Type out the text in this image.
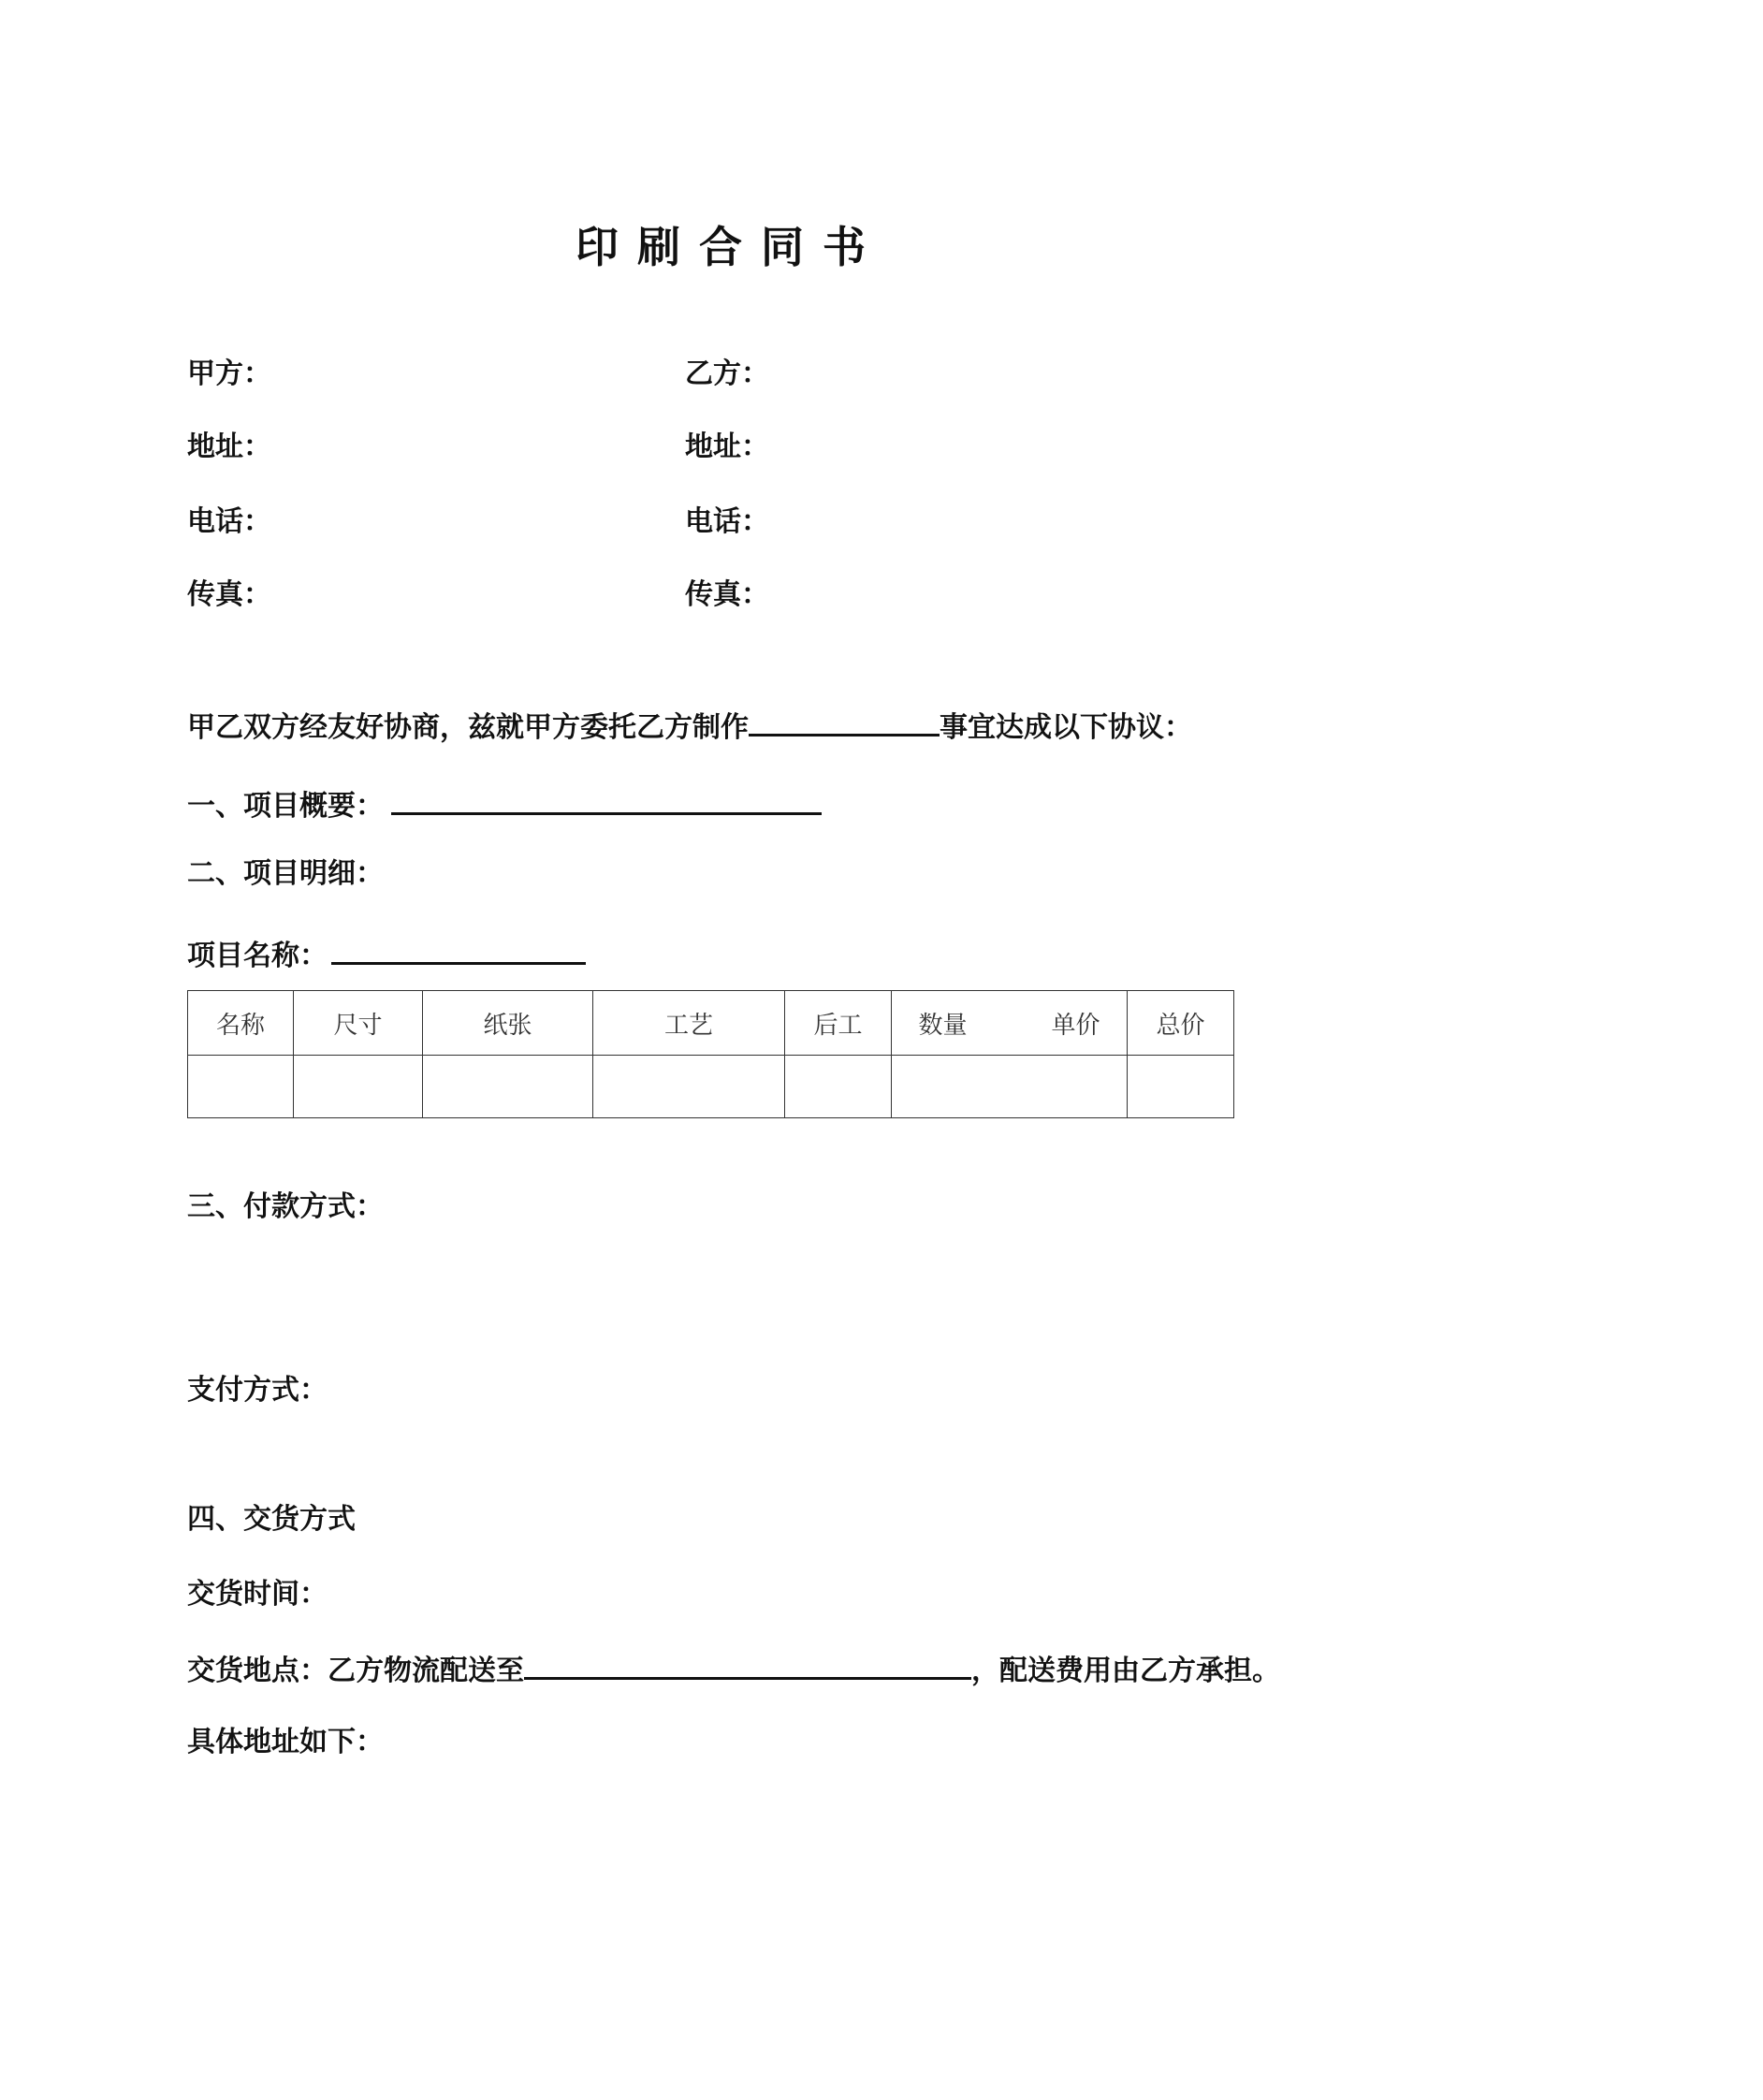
印刷合同书
甲方：	乙方：
地址：	地址：
电话：	电话：
传真：	传真：
甲乙双方经友好协商，兹就甲方委托乙方制作	事宜达成以下协议：
一、项目概要：
二、项目明细：
项目名称：
名称	尺寸	纸张	工艺	后工	数量 单价	总价

三、付款方式：
支付方式：
四、交货方式
交货时间：
交货地点：乙方物流配送至	，配送费用由乙方承担。
具体地址如下：
